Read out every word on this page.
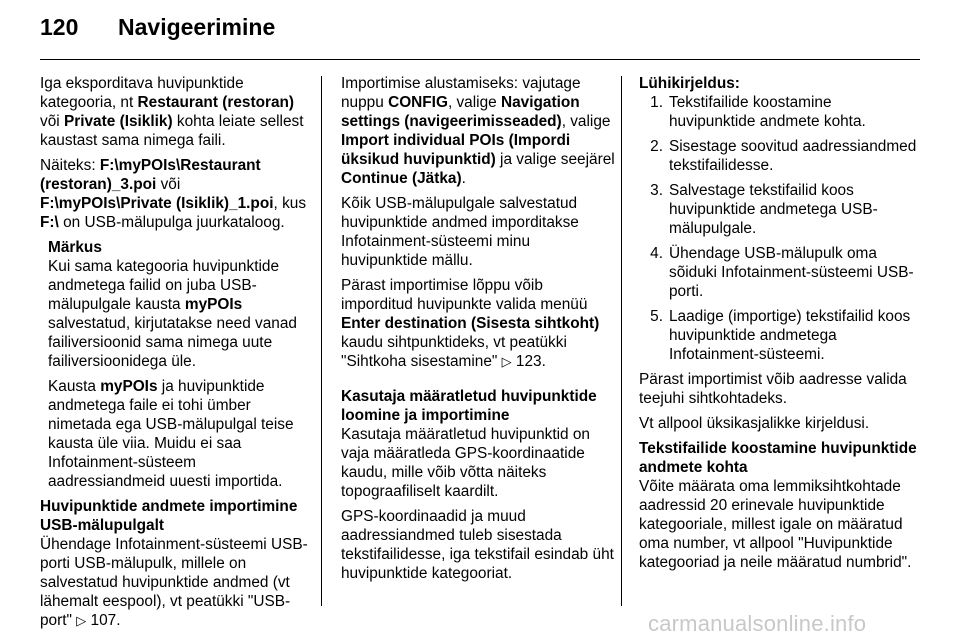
120 Navigeerimine

Iga eksporditava huvipunktide kategooria, nt Restaurant (restoran) või Private (Isiklik) kohta leiate sellest kaustast sama nimega faili.

Näiteks: F:\myPOIs\Restaurant (restoran)_3.poi või F:\myPOIs\Private (Isiklik)_1.poi, kus F:\ on USB-mälupulga juurkataloog.

Märkus

Kui sama kategooria huvipunktide andmetega failid on juba USB-mälupulgale kausta myPOIs salvestatud, kirjutatakse need vanad failiversioonid sama nimega uute failiversioonidega üle.

Kausta myPOIs ja huvipunktide andmetega faile ei tohi ümber nimetada ega USB-mälupulgal teise kausta üle viia. Muidu ei saa Infotainment-süsteem aadressiandmeid uuesti importida.

Huvipunktide andmete importimine USB-mälupulgalt

Ühendage Infotainment-süsteemi USB-porti USB-mälupulk, millele on salvestatud huvipunktide andmed (vt lähemalt eespool), vt peatükki "USB-port" ▷ 107.

Importimise alustamiseks: vajutage nuppu CONFIG, valige Navigation settings (navigeerimisseaded), valige Import individual POIs (Impordi üksikud huvipunktid) ja valige seejärel Continue (Jätka).

Kõik USB-mälupulgale salvestatud huvipunktide andmed imporditakse Infotainment-süsteemi minu huvipunktide mällu.

Pärast importimise lõppu võib imporditud huvipunkte valida menüü Enter destination (Sisesta sihtkoht) kaudu sihtpunktideks, vt peatükki "Sihtkoha sisestamine" ▷ 123.

Kasutaja määratletud huvipunktide loomine ja importimine

Kasutaja määratletud huvipunktid on vaja määratleda GPS-koordinaatide kaudu, mille võib võtta näiteks topograafiliselt kaardilt.

GPS-koordinaadid ja muud aadressiandmed tuleb sisestada tekstifailidesse, iga tekstifail esindab üht huvipunktide kategooriat.

Lühikirjeldus:

1. Tekstifailide koostamine huvipunktide andmete kohta.
2. Sisestage soovitud aadressiandmed tekstifailidesse.
3. Salvestage tekstifailid koos huvipunktide andmetega USB-mälupulgale.
4. Ühendage USB-mälupulk oma sõiduki Infotainment-süsteemi USB-porti.
5. Laadige (importige) tekstifailid koos huvipunktide andmetega Infotainment-süsteemi.

Pärast importimist võib aadresse valida teejuhi sihtkohtadeks.

Vt allpool üksikasjalikke kirjeldusi.

Tekstifailide koostamine huvipunktide andmete kohta

Võite määrata oma lemmiksihtkohtade aadressid 20 erinevale huvipunktide kategooriale, millest igale on määratud oma number, vt allpool "Huvipunktide kategooriad ja neile määratud numbrid".

carmanualsonline.info
